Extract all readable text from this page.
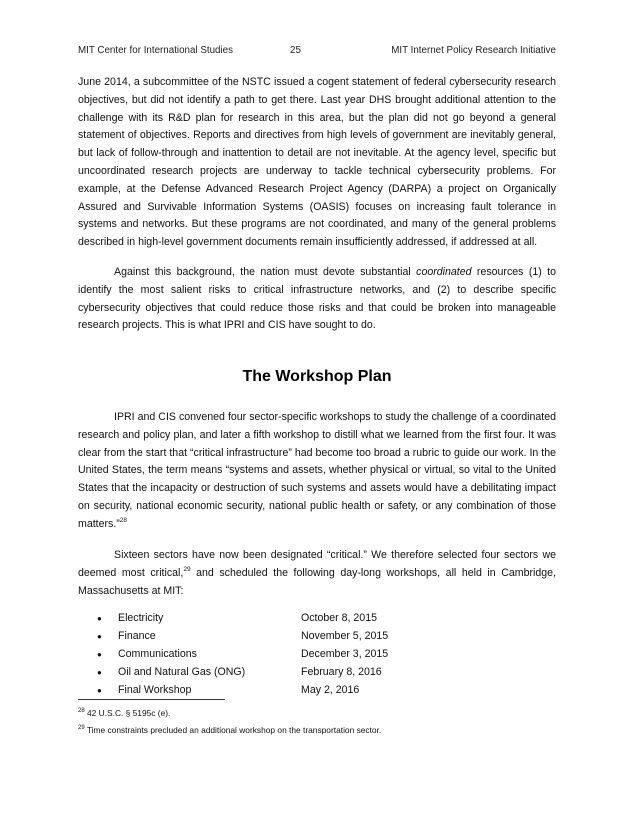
MIT Center for International Studies	25	MIT Internet Policy Research Initiative

June 2014, a subcommittee of the NSTC issued a cogent statement of federal cybersecurity research objectives, but did not identify a path to get there. Last year DHS brought additional attention to the challenge with its R&D plan for research in this area, but the plan did not go beyond a general statement of objectives. Reports and directives from high levels of government are inevitably general, but lack of follow-through and inattention to detail are not inevitable. At the agency level, specific but uncoordinated research projects are underway to tackle technical cybersecurity problems. For example, at the Defense Advanced Research Project Agency (DARPA) a project on Organically Assured and Survivable Information Systems (OASIS) focuses on increasing fault tolerance in systems and networks. But these programs are not coordinated, and many of the general problems described in high-level government documents remain insufficiently addressed, if addressed at all.

Against this background, the nation must devote substantial coordinated resources (1) to identify the most salient risks to critical infrastructure networks, and (2) to describe specific cybersecurity objectives that could reduce those risks and that could be broken into manageable research projects. This is what IPRI and CIS have sought to do.

The Workshop Plan

IPRI and CIS convened four sector-specific workshops to study the challenge of a coordinated research and policy plan, and later a fifth workshop to distill what we learned from the first four. It was clear from the start that “critical infrastructure” had become too broad a rubric to guide our work. In the United States, the term means “systems and assets, whether physical or virtual, so vital to the United States that the incapacity or destruction of such systems and assets would have a debilitating impact on security, national economic security, national public health or safety, or any combination of those matters.”$^{28}$

Sixteen sectors have now been designated “critical.” We therefore selected four sectors we deemed most critical,$^{29}$ and scheduled the following day-long workshops, all held in Cambridge, Massachusetts at MIT:

● Electricity	October 8, 2015
● Finance	November 5, 2015
● Communications	December 3, 2015
● Oil and Natural Gas (ONG)	February 8, 2016
● Final Workshop	May 2, 2016

$^{28}$ 42 U.S.C. § 5195c (e).

$^{29}$ Time constraints precluded an additional workshop on the transportation sector.
